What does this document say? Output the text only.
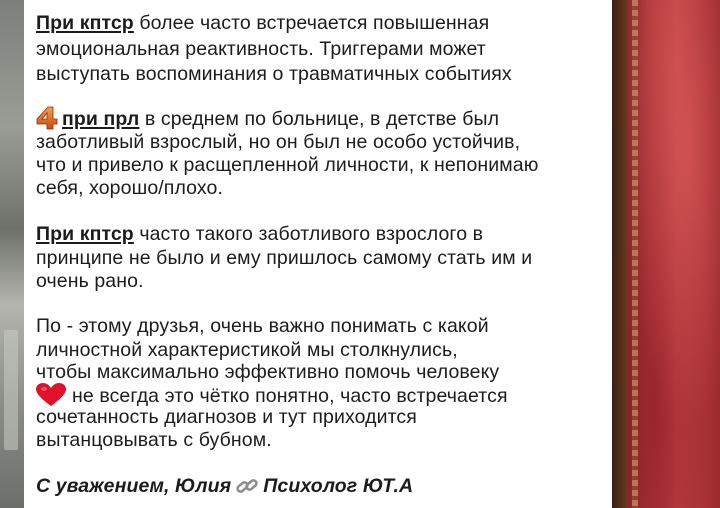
При кптср более часто встречается повышенная
эмоциональная реактивность. Триггерами может
выступать воспоминания о травматичных событиях
при прл в среднем по больнице, в детстве был
заботливый взрослый, но он был не особо устойчив,
что и привело к расщепленной личности, к непонимаю
себя, хорошо/плохо.
При кптср часто такого заботливого взрослого в
принципе не было и ему пришлось самому стать им и
очень рано.
По - этому друзья, очень важно понимать с какой
личностной характеристикой мы столкнулись,
чтобы максимально эффективно помочь человеку
не всегда это чётко понятно, часто встречается
сочетанность диагнозов и тут приходится
вытанцовывать с бубном.
С уважением, Юлия Психолог ЮТ.А
